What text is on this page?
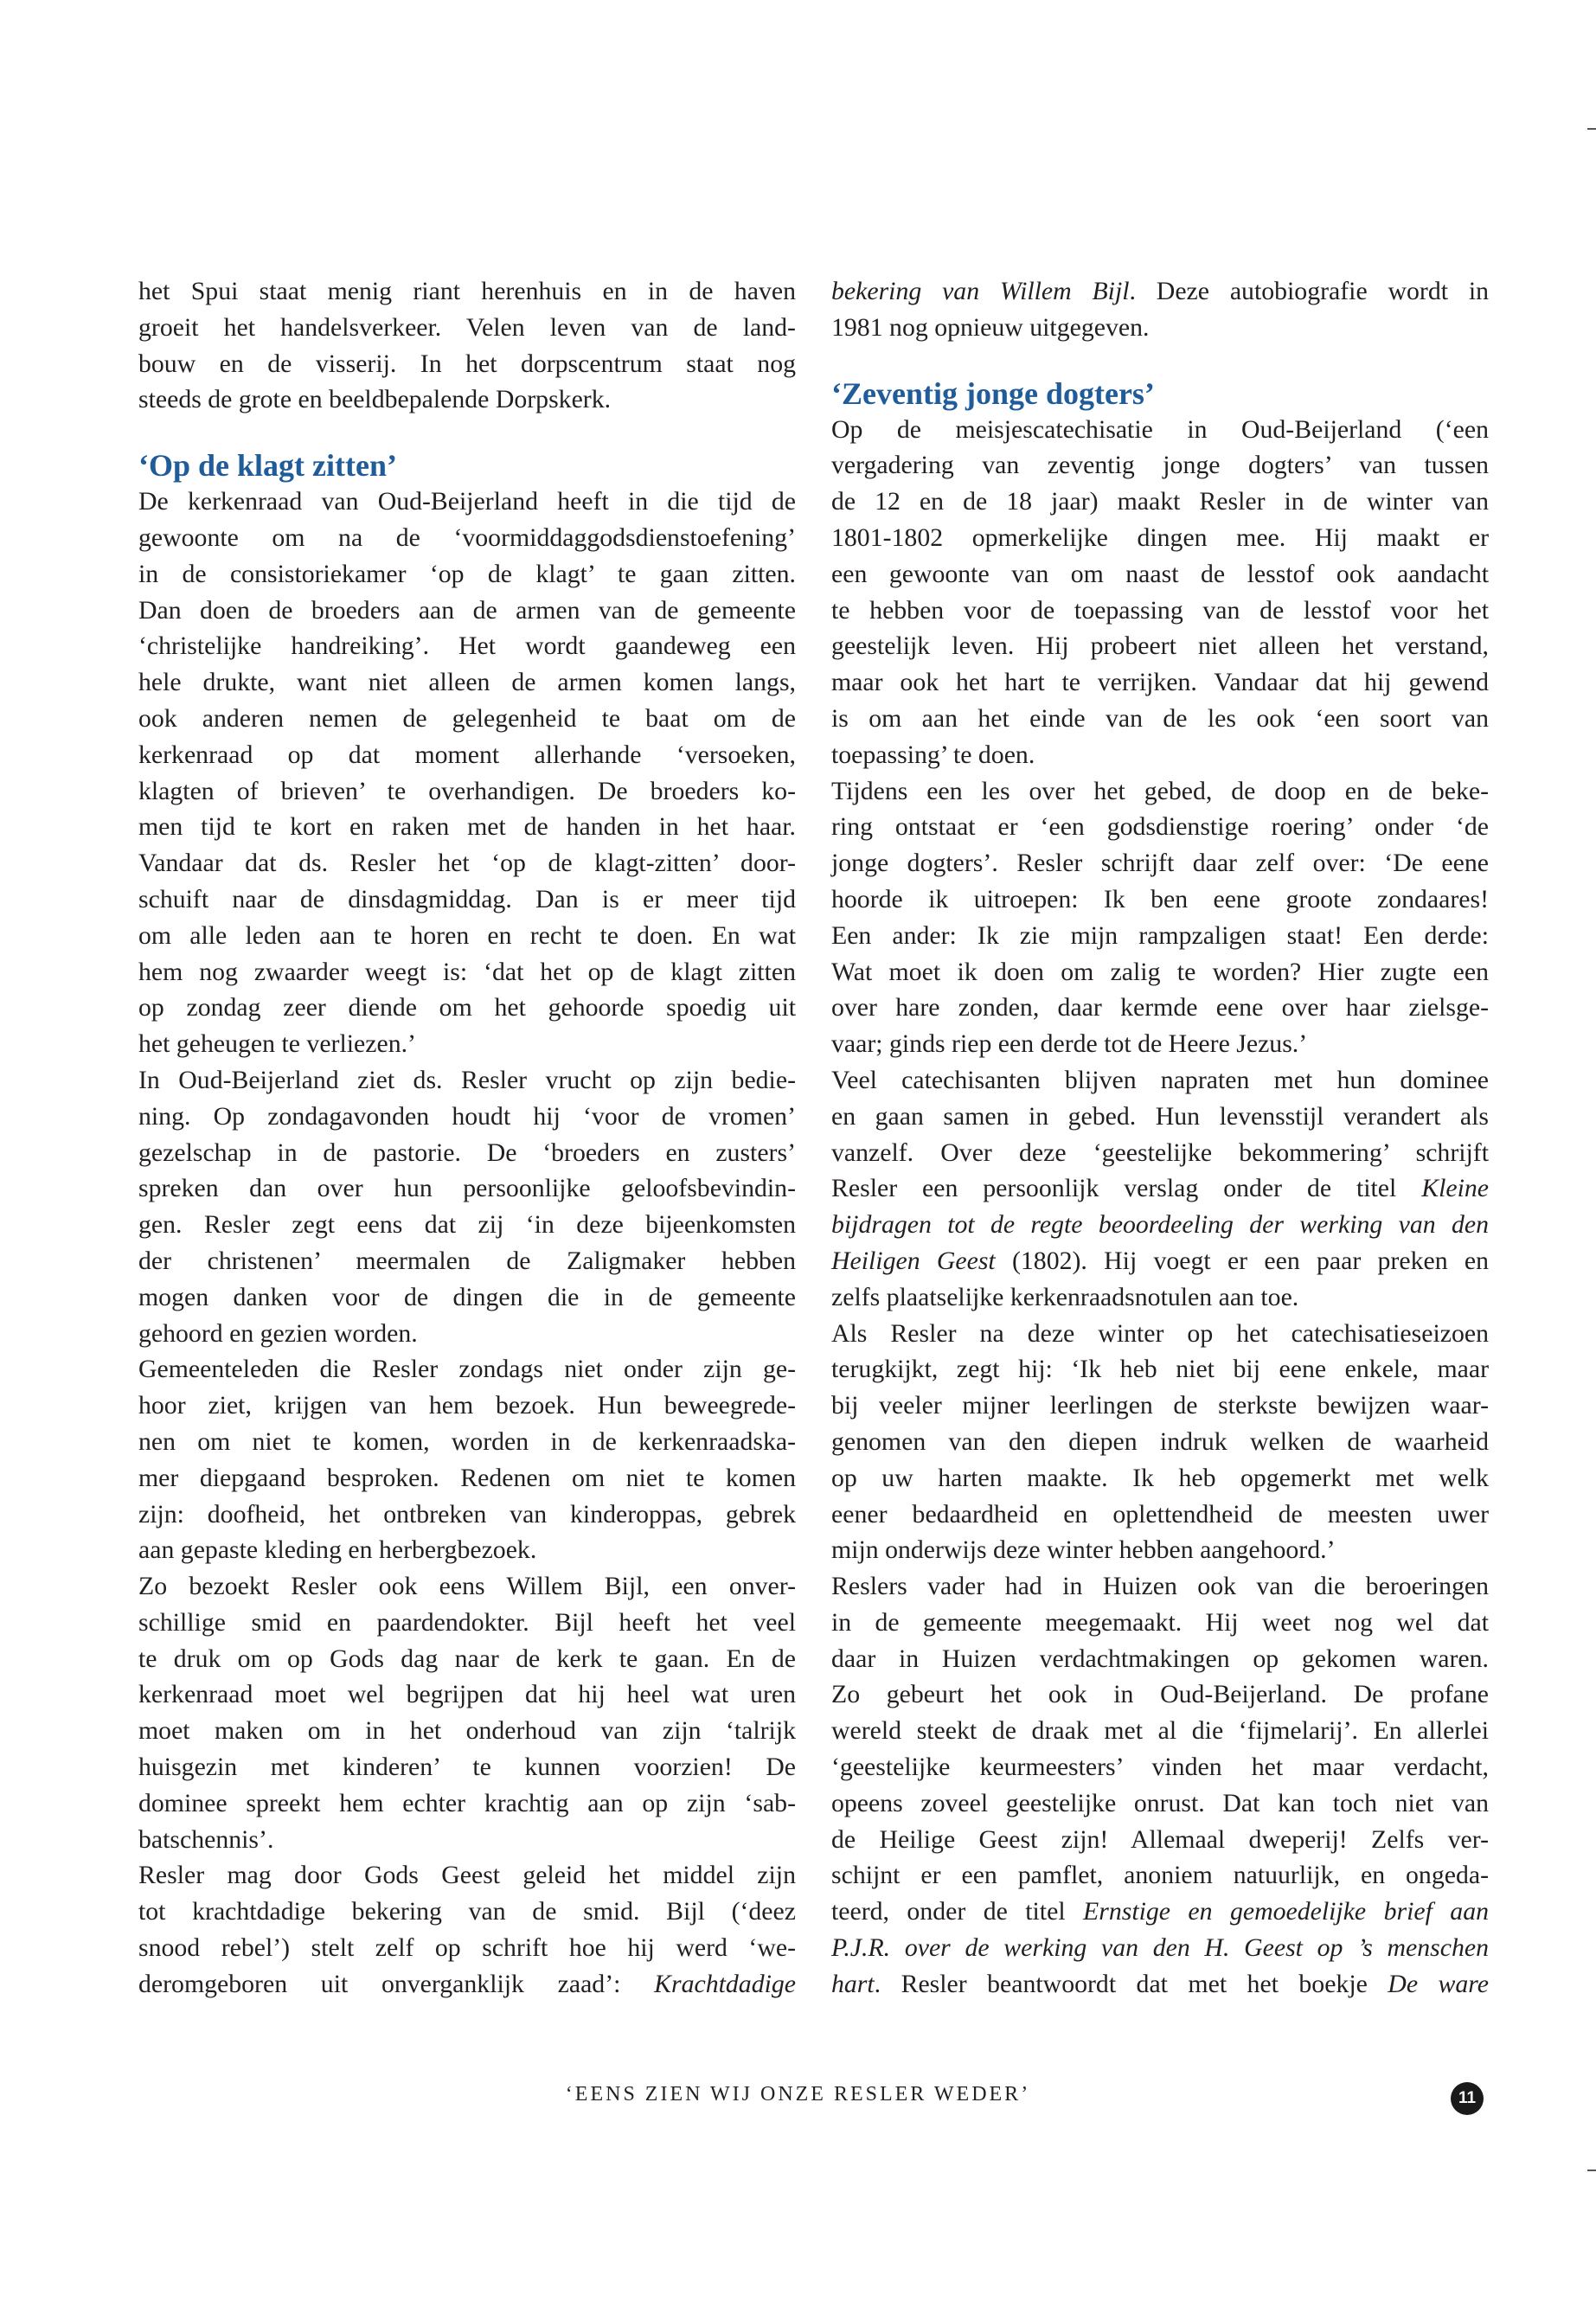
het Spui staat menig riant herenhuis en in de haven
groeit het handelsverkeer. Velen leven van de land-
bouw en de visserij. In het dorpscentrum staat nog
steeds de grote en beeldbepalende Dorpskerk.
‘Op de klagt zitten’
De kerkenraad van Oud-Beijerland heeft in die tijd de
gewoonte om na de ‘voormiddaggodsdienstoefening’
in de consistoriekamer ‘op de klagt’ te gaan zitten.
Dan doen de broeders aan de armen van de gemeente
‘christelijke handreiking’. Het wordt gaandeweg een
hele drukte, want niet alleen de armen komen langs,
ook anderen nemen de gelegenheid te baat om de
kerkenraad op dat moment allerhande ‘versoeken,
klagten of brieven’ te overhandigen. De broeders ko-
men tijd te kort en raken met de handen in het haar.
Vandaar dat ds. Resler het ‘op de klagt-zitten’ door-
schuift naar de dinsdagmiddag. Dan is er meer tijd
om alle leden aan te horen en recht te doen. En wat
hem nog zwaarder weegt is: ‘dat het op de klagt zitten
op zondag zeer diende om het gehoorde spoedig uit
het geheugen te verliezen.’
In Oud-Beijerland ziet ds. Resler vrucht op zijn bedie-
ning. Op zondagavonden houdt hij ‘voor de vromen’
gezelschap in de pastorie. De ‘broeders en zusters’
spreken dan over hun persoonlijke geloofsbevindin-
gen. Resler zegt eens dat zij ‘in deze bijeenkomsten
der christenen’ meermalen de Zaligmaker hebben
mogen danken voor de dingen die in de gemeente
gehoord en gezien worden.
Gemeenteleden die Resler zondags niet onder zijn ge-
hoor ziet, krijgen van hem bezoek. Hun beweegrede-
nen om niet te komen, worden in de kerkenraadska-
mer diepgaand besproken. Redenen om niet te komen
zijn: doofheid, het ontbreken van kinderoppas, gebrek
aan gepaste kleding en herbergbezoek.
Zo bezoekt Resler ook eens Willem Bijl, een onver-
schillige smid en paardendokter. Bijl heeft het veel
te druk om op Gods dag naar de kerk te gaan. En de
kerkenraad moet wel begrijpen dat hij heel wat uren
moet maken om in het onderhoud van zijn ‘talrijk
huisgezin met kinderen’ te kunnen voorzien! De
dominee spreekt hem echter krachtig aan op zijn ‘sab-
batschennis’.
Resler mag door Gods Geest geleid het middel zijn
tot krachtdadige bekering van de smid. Bijl (‘deez
snood rebel’) stelt zelf op schrift hoe hij werd ‘we-
deromgeboren uit onverganklijk zaad’: Krachtdadige
bekering van Willem Bijl. Deze autobiografie wordt in
1981 nog opnieuw uitgegeven.
‘Zeventig jonge dogters’
Op de meisjescatechisatie in Oud-Beijerland (‘een
vergadering van zeventig jonge dogters’ van tussen
de 12 en de 18 jaar) maakt Resler in de winter van
1801-1802 opmerkelijke dingen mee. Hij maakt er
een gewoonte van om naast de lesstof ook aandacht
te hebben voor de toepassing van de lesstof voor het
geestelijk leven. Hij probeert niet alleen het verstand,
maar ook het hart te verrijken. Vandaar dat hij gewend
is om aan het einde van de les ook ‘een soort van
toepassing’ te doen.
Tijdens een les over het gebed, de doop en de beke-
ring ontstaat er ‘een godsdienstige roering’ onder ‘de
jonge dogters’. Resler schrijft daar zelf over: ‘De eene
hoorde ik uitroepen: Ik ben eene groote zondaares!
Een ander: Ik zie mijn rampzaligen staat! Een derde:
Wat moet ik doen om zalig te worden? Hier zugte een
over hare zonden, daar kermde eene over haar zielsge-
vaar; ginds riep een derde tot de Heere Jezus.’
Veel catechisanten blijven napraten met hun dominee
en gaan samen in gebed. Hun levensstijl verandert als
vanzelf. Over deze ‘geestelijke bekommering’ schrijft
Resler een persoonlijk verslag onder de titel Kleine
bijdragen tot de regte beoordeeling der werking van den
Heiligen Geest (1802). Hij voegt er een paar preken en
zelfs plaatselijke kerkenraadsnotulen aan toe.
Als Resler na deze winter op het catechisatieseizoen
terugkijkt, zegt hij: ‘Ik heb niet bij eene enkele, maar
bij veeler mijner leerlingen de sterkste bewijzen waar-
genomen van den diepen indruk welken de waarheid
op uw harten maakte. Ik heb opgemerkt met welk
eener bedaardheid en oplettendheid de meesten uwer
mijn onderwijs deze winter hebben aangehoord.’
Reslers vader had in Huizen ook van die beroeringen
in de gemeente meegemaakt. Hij weet nog wel dat
daar in Huizen verdachtmakingen op gekomen waren.
Zo gebeurt het ook in Oud-Beijerland. De profane
wereld steekt de draak met al die ‘fijmelarij’. En allerlei
‘geestelijke keurmeesters’ vinden het maar verdacht,
opeens zoveel geestelijke onrust. Dat kan toch niet van
de Heilige Geest zijn! Allemaal dweperij! Zelfs ver-
schijnt er een pamflet, anoniem natuurlijk, en ongeda-
teerd, onder de titel Ernstige en gemoedelijke brief aan
P.J.R. over de werking van den H. Geest op ’s menschen
hart. Resler beantwoordt dat met het boekje De ware
‘EENS ZIEN WIJ ONZE RESLER WEDER’	11
